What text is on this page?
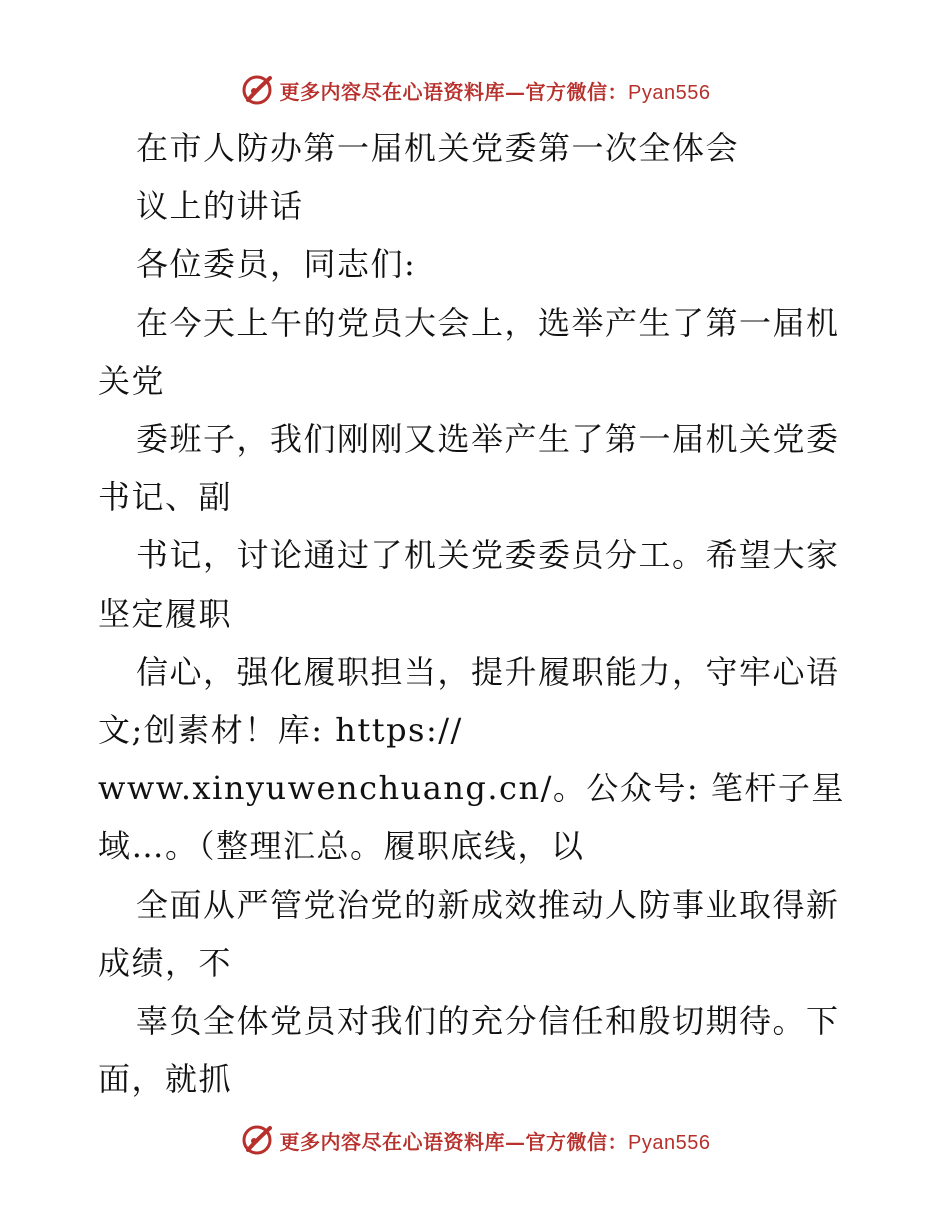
更多内容尽在心语资料库—官方微信：Pyan556
在市人防办第一届机关党委第一次全体会
议上的讲话
各位委员，同志们:
在今天上午的党员大会上，选举产生了第一届机
关党
委班子，我们刚刚又选举产生了第一届机关党委
书记、副
书记，讨论通过了机关党委委员分工。希望大家
坚定履职
信心，强化履职担当，提升履职能力，守牢心语
文;创素材！库: https://
www.xinyuwenchuang.cn/。公众号: 笔杆子星
域…。（整理汇总。履职底线，以
全面从严管党治党的新成效推动人防事业取得新
成绩，不
辜负全体党员对我们的充分信任和殷切期待。下
面，就抓
更多内容尽在心语资料库—官方微信：Pyan556
